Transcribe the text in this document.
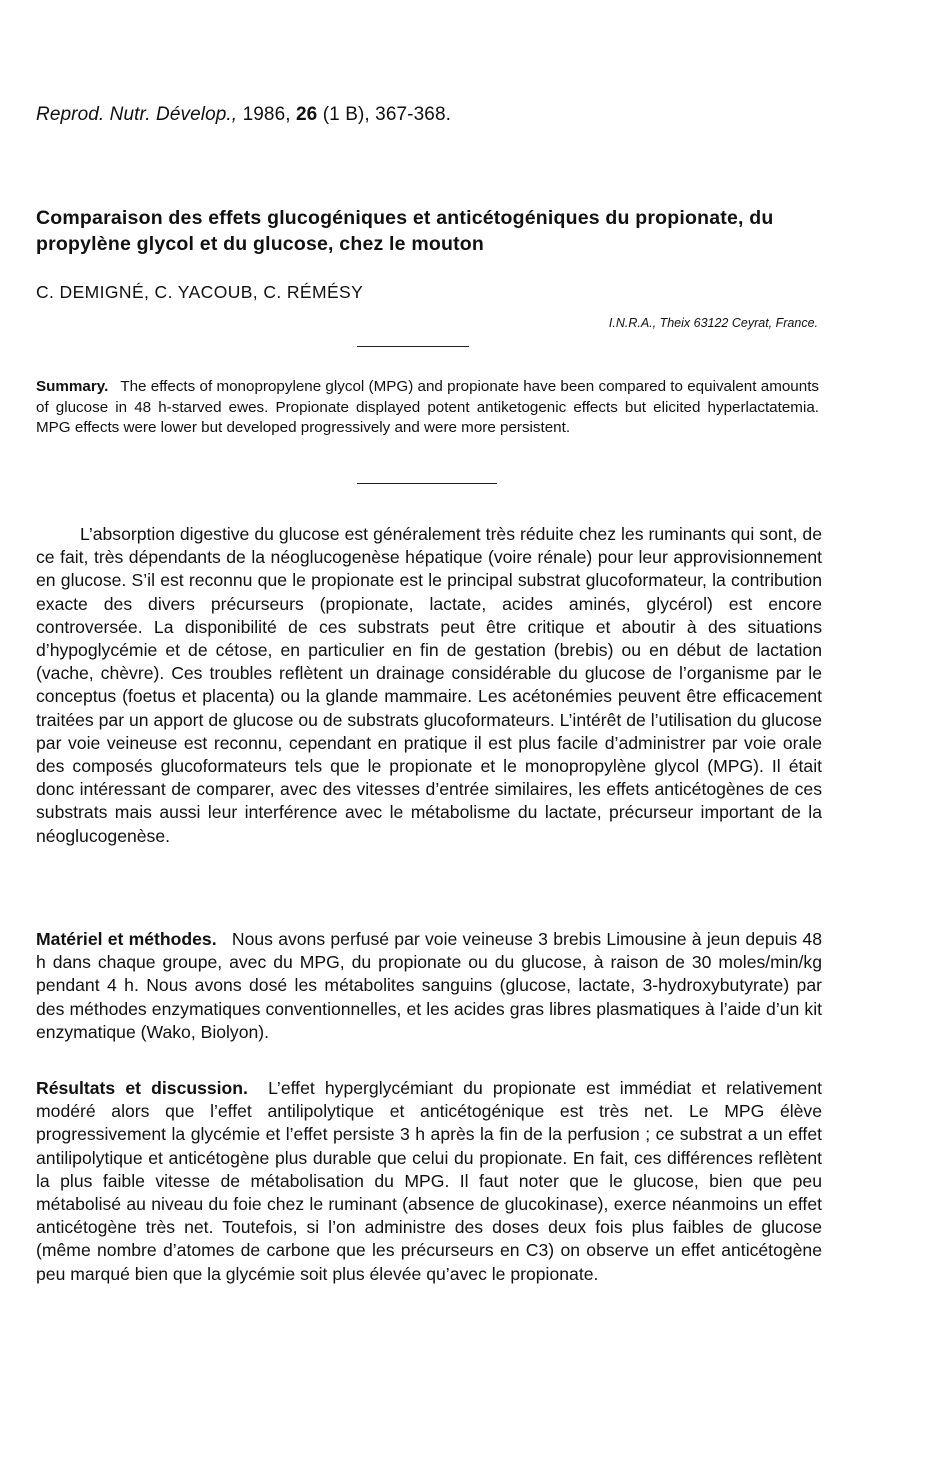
Reprod. Nutr. Dévelop., 1986, 26 (1 B), 367-368.
Comparaison des effets glucogéniques et anticétogéniques du propionate, du propylène glycol et du glucose, chez le mouton
C. DEMIGNÉ, C. YACOUB, C. RÉMÉSY
I.N.R.A., Theix 63122 Ceyrat, France.
Summary. The effects of monopropylene glycol (MPG) and propionate have been compared to equivalent amounts of glucose in 48 h-starved ewes. Propionate displayed potent antiketogenic effects but elicited hyperlactatemia. MPG effects were lower but developed progressively and were more persistent.
L’absorption digestive du glucose est généralement très réduite chez les ruminants qui sont, de ce fait, très dépendants de la néoglucogenèse hépatique (voire rénale) pour leur approvisionnement en glucose. S’il est reconnu que le propionate est le principal substrat glucoformateur, la contribution exacte des divers précurseurs (propionate, lactate, acides aminés, glycérol) est encore controversée. La disponibilité de ces substrats peut être critique et aboutir à des situations d’hypoglycémie et de cétose, en particulier en fin de gestation (brebis) ou en début de lactation (vache, chèvre). Ces troubles reflètent un drainage considérable du glucose de l’organisme par le conceptus (foetus et placenta) ou la glande mammaire. Les acétonémies peuvent être efficacement traitées par un apport de glucose ou de substrats glucoformateurs. L’intérêt de l’utilisation du glucose par voie veineuse est reconnu, cependant en pratique il est plus facile d’administrer par voie orale des composés glucoformateurs tels que le propionate et le monopropylène glycol (MPG). Il était donc intéressant de comparer, avec des vitesses d’entrée similaires, les effets anticétogènes de ces substrats mais aussi leur interférence avec le métabolisme du lactate, précurseur important de la néoglucogenèse.
Matériel et méthodes. Nous avons perfusé par voie veineuse 3 brebis Limousine à jeun depuis 48 h dans chaque groupe, avec du MPG, du propionate ou du glucose, à raison de 30 moles/min/kg pendant 4 h. Nous avons dosé les métabolites sanguins (glucose, lactate, 3-hydroxybutyrate) par des méthodes enzymatiques conventionnelles, et les acides gras libres plasmatiques à l’aide d’un kit enzymatique (Wako, Biolyon).
Résultats et discussion. L’effet hyperglycémiant du propionate est immédiat et relativement modéré alors que l’effet antilipolytique et anticétogénique est très net. Le MPG élève progressivement la glycémie et l’effet persiste 3 h après la fin de la perfusion ; ce substrat a un effet antilipolytique et anticétogène plus durable que celui du propionate. En fait, ces différences reflètent la plus faible vitesse de métabolisation du MPG. Il faut noter que le glucose, bien que peu métabolisé au niveau du foie chez le ruminant (absence de glucokinase), exerce néanmoins un effet anticétogène très net. Toutefois, si l’on administre des doses deux fois plus faibles de glucose (même nombre d’atomes de carbone que les précurseurs en C3) on observe un effet anticétogène peu marqué bien que la glycémie soit plus élevée qu’avec le propionate.
